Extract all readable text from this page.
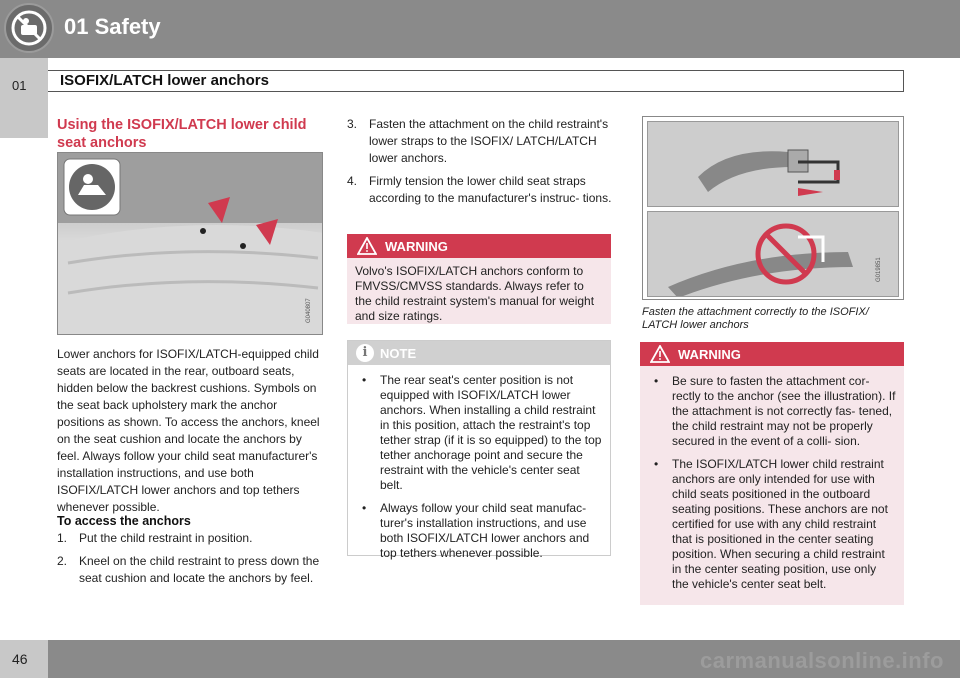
01 Safety
01 ISOFIX/LATCH lower anchors
Using the ISOFIX/LATCH lower child seat anchors
G040807
Lower anchors for ISOFIX/LATCH-equipped child seats are located in the rear, outboard seats, hidden below the backrest cushions. Symbols on the seat back upholstery mark the anchor positions as shown. To access the anchors, kneel on the seat cushion and locate the anchors by feel. Always follow your child seat manufacturer's installation instructions, and use both ISOFIX/LATCH lower anchors and top tethers whenever possible.
To access the anchors
1. Put the child restraint in position.
2. Kneel on the child restraint to press down the seat cushion and locate the anchors by feel.
3. Fasten the attachment on the child restraint's lower straps to the ISOFIX/ LATCH/LATCH lower anchors.
4. Firmly tension the lower child seat straps according to the manufacturer's instruc- tions.
WARNING
Volvo's ISOFIX/LATCH anchors conform to FMVSS/CMVSS standards. Always refer to the child restraint system's manual for weight and size ratings.
i NOTE
• The rear seat's center position is not equipped with ISOFIX/LATCH lower anchors. When installing a child restraint in this position, attach the restraint's top tether strap (if it is so equipped) to the top tether anchorage point and secure the restraint with the vehicle's center seat belt.
• Always follow your child seat manufac- turer's installation instructions, and use both ISOFIX/LATCH lower anchors and top tethers whenever possible.
G019851
Fasten the attachment correctly to the ISOFIX/ LATCH lower anchors
WARNING
• Be sure to fasten the attachment cor- rectly to the anchor (see the illustration). If the attachment is not correctly fas- tened, the child restraint may not be properly secured in the event of a colli- sion.
• The ISOFIX/LATCH lower child restraint anchors are only intended for use with child seats positioned in the outboard seating positions. These anchors are not certified for use with any child restraint that is positioned in the center seating position. When securing a child restraint in the center seating position, use only the vehicle's center seat belt.
46	carmanualsonline.info
